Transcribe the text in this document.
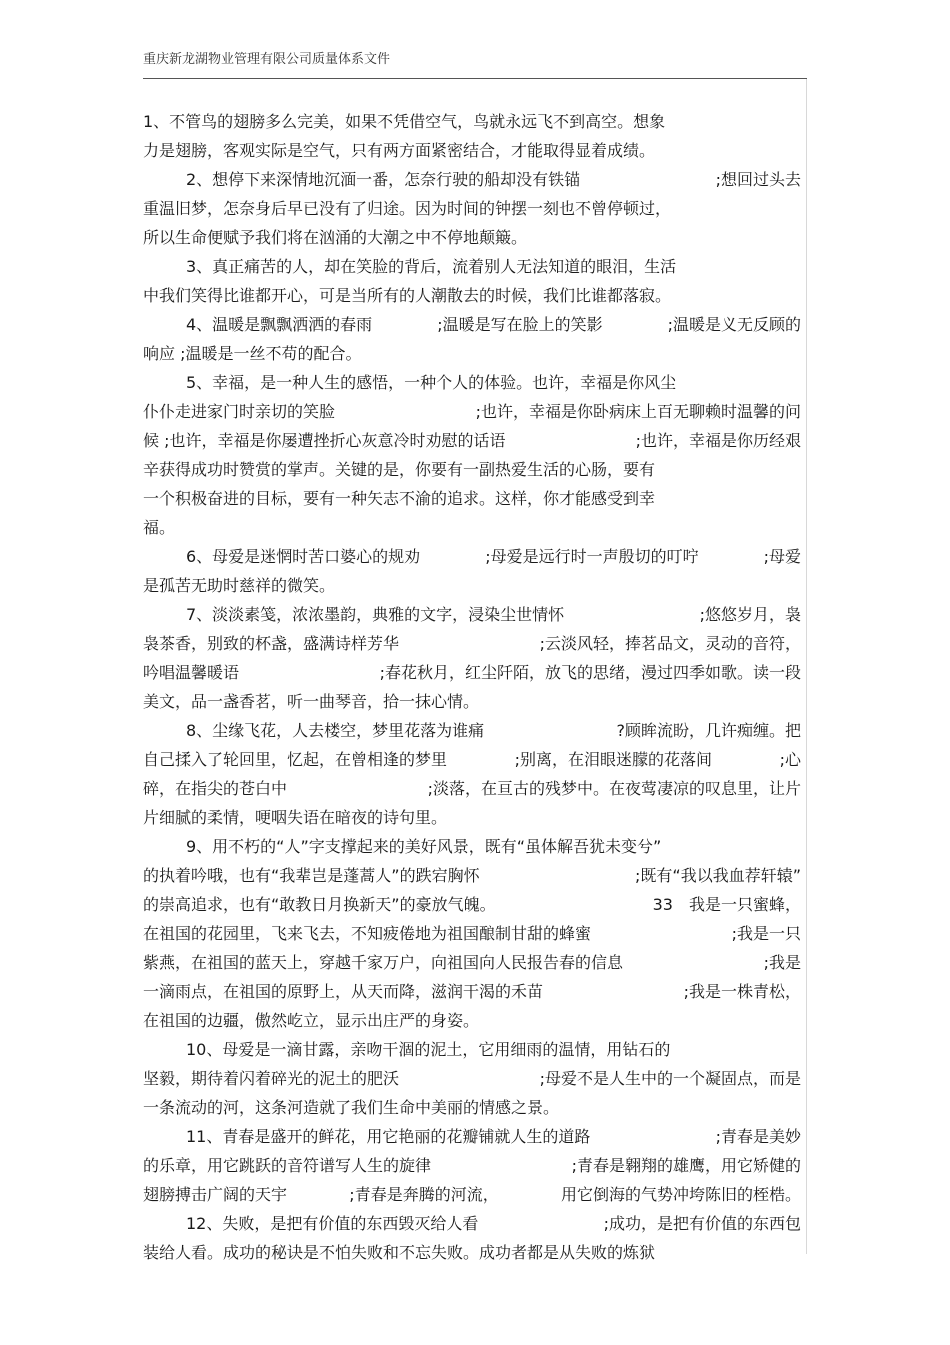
重庆新龙湖物业管理有限公司质量体系文件
1、不管鸟的翅膀多么完美，如果不凭借空气，鸟就永远飞不到高空。想象
力是翅膀，客观实际是空气，只有两方面紧密结合，才能取得显着成绩。
2、想停下来深情地沉湎一番，怎奈行驶的船却没有铁锚	;想回过头去
重温旧梦，怎奈身后早已没有了归途。因为时间的钟摆一刻也不曾停顿过，
所以生命便赋予我们将在汹涌的大潮之中不停地颠簸。
3、真正痛苦的人，却在笑脸的背后，流着别人无法知道的眼泪，生活
中我们笑得比谁都开心，可是当所有的人潮散去的时候，我们比谁都落寂。
4、温暖是飘飘洒洒的春雨	;温暖是写在脸上的笑影	;温暖是义无反顾的
响应 ;温暖是一丝不苟的配合。
5、幸福，是一种人生的感悟，一种个人的体验。也许，幸福是你风尘
仆仆走进家门时亲切的笑脸	;也许，幸福是你卧病床上百无聊赖时温馨的问
候 ;也许，幸福是你屡遭挫折心灰意冷时劝慰的话语	;也许，幸福是你历经艰
辛获得成功时赞赏的掌声。关键的是，你要有一副热爱生活的心肠，要有
一个积极奋进的目标，要有一种矢志不渝的追求。这样，你才能感受到幸
福。
6、母爱是迷惘时苦口婆心的规劝	;母爱是远行时一声殷切的叮咛	;母爱
是孤苦无助时慈祥的微笑。
7、淡淡素笺，浓浓墨韵，典雅的文字，浸染尘世情怀	;悠悠岁月，袅
袅茶香，别致的杯盏，盛满诗样芳华	;云淡风轻，捧茗品文，灵动的音符，
吟唱温馨暖语	;春花秋月，红尘阡陌，放飞的思绪，漫过四季如歌。读一段
美文，品一盏香茗，听一曲琴音，拾一抹心情。
8、尘缘飞花，人去楼空，梦里花落为谁痛	?顾眸流盼，几许痴缠。把
自己揉入了轮回里，忆起，在曾相逢的梦里	;别离，在泪眼迷朦的花落间	;心
碎，在指尖的苍白中	;淡落，在亘古的残梦中。在夜莺凄凉的叹息里，让片
片细腻的柔情，哽咽失语在暗夜的诗句里。
9、用不朽的“人”字支撑起来的美好风景，既有“虽体解吾犹未变兮”
的执着吟哦，也有“我辈岂是蓬蒿人”的跌宕胸怀	;既有“我以我血荐轩辕”
的崇高追求，也有“敢教日月换新天”的豪放气魄。	33　我是一只蜜蜂，
在祖国的花园里，飞来飞去，不知疲倦地为祖国酿制甘甜的蜂蜜	;我是一只
紫燕，在祖国的蓝天上，穿越千家万户，向祖国向人民报告春的信息	;我是
一滴雨点，在祖国的原野上，从天而降，滋润干渴的禾苗	;我是一株青松，
在祖国的边疆，傲然屹立，显示出庄严的身姿。
10、母爱是一滴甘露，亲吻干涸的泥土，它用细雨的温情，用钻石的
坚毅，期待着闪着碎光的泥土的肥沃	;母爱不是人生中的一个凝固点，而是
一条流动的河，这条河造就了我们生命中美丽的情感之景。
11、青春是盛开的鲜花，用它艳丽的花瓣铺就人生的道路	;青春是美妙
的乐章，用它跳跃的音符谱写人生的旋律	;青春是翱翔的雄鹰，用它矫健的
翅膀搏击广阔的天宇	;青春是奔腾的河流，	用它倒海的气势冲垮陈旧的桎梏。
12、失败，是把有价值的东西毁灭给人看	;成功，是把有价值的东西包
装给人看。成功的秘诀是不怕失败和不忘失败。成功者都是从失败的炼狱
